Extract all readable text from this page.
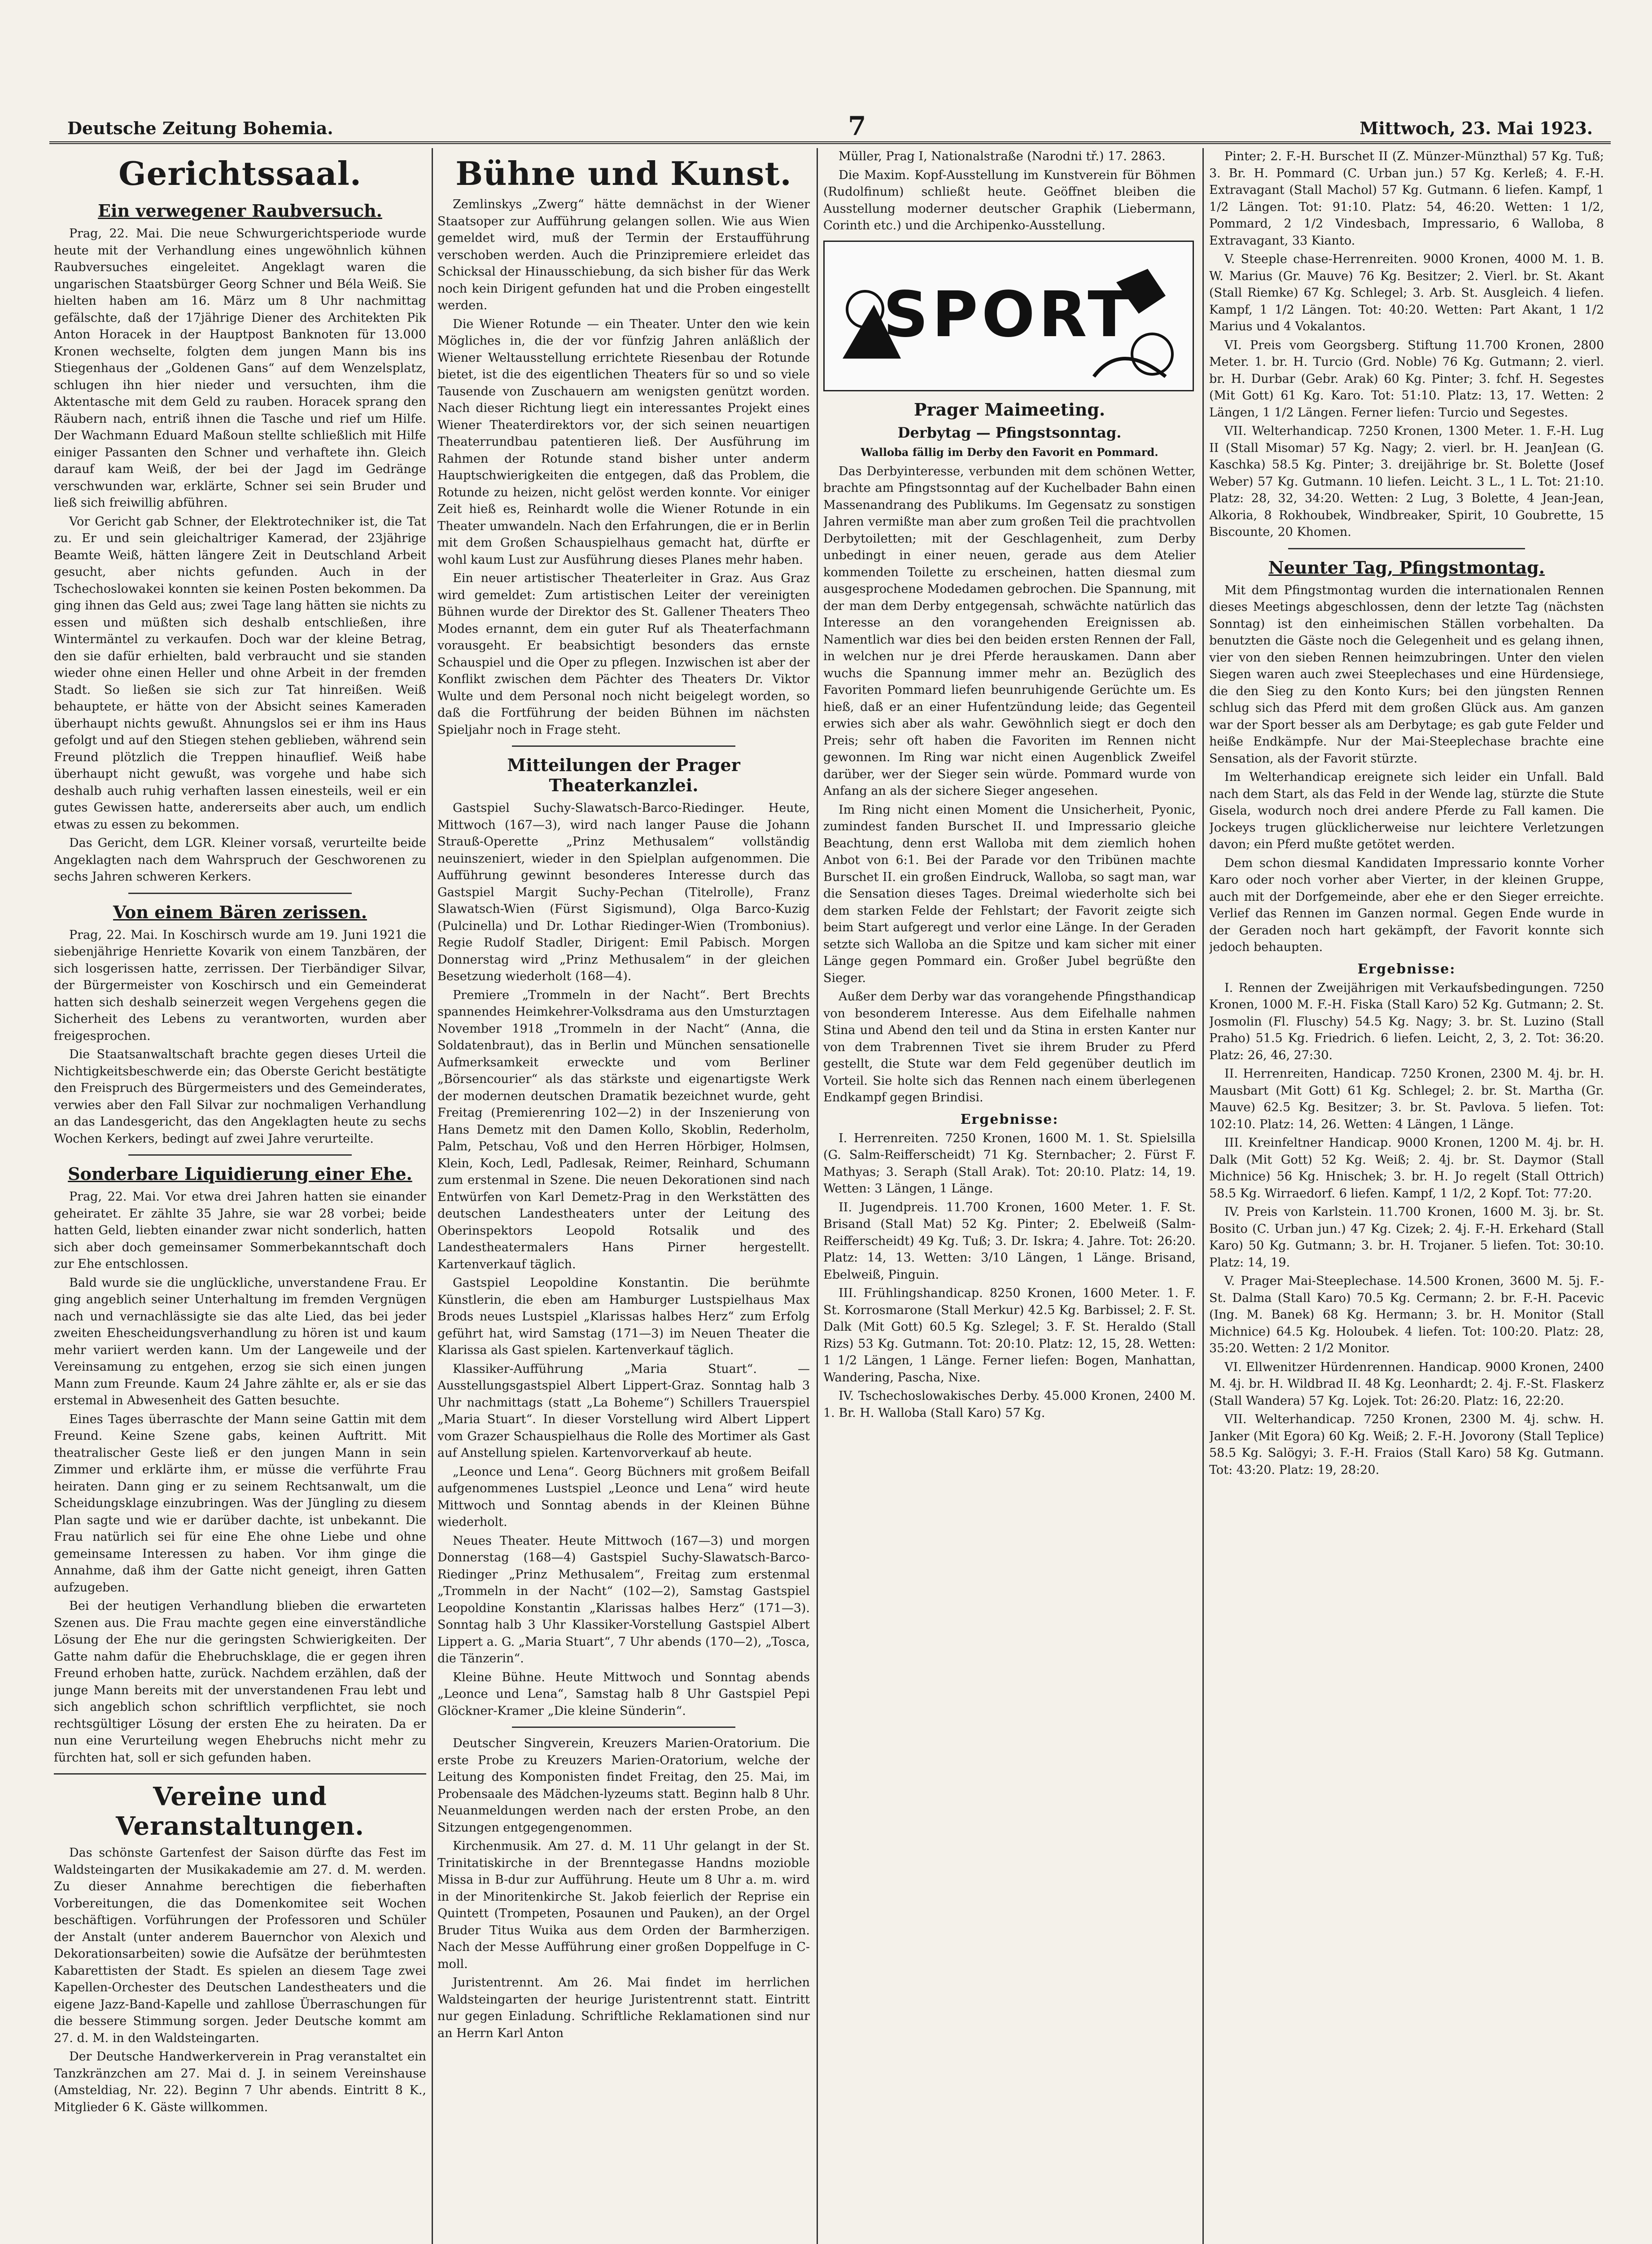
Deutsche Zeitung Bohemia.	7	Mittwoch, 23. Mai 1923.
Gerichtssaal.
Ein verwegener Raubversuch.

Prag, 22. Mai. Die neue Schwurgerichtsperiode wurde heute mit der Verhandlung eines ungewöhnlich kühnen Raubversuches eingeleitet. Angeklagt waren die ungarischen Staatsbürger Georg Schner und Béla Weiß. Sie hielten haben am 16. März um 8 Uhr nachmittag gefälschte, daß der 17jährige Diener des Architekten Pik Anton Horacek in der Hauptpost Banknoten für 13.000 Kronen wechselte, folgten dem jungen Mann bis ins Stiegenhaus der „Goldenen Gans“ auf dem Wenzelsplatz, schlugen ihn hier nieder und versuchten, ihm die Aktentasche mit dem Geld zu rauben. Horacek sprang den Räubern nach, entriß ihnen die Tasche und rief um Hilfe. Der Wachmann Eduard Maßoun stellte schließlich mit Hilfe einiger Passanten den Schner und verhaftete ihn. Gleich darauf kam Weiß, der bei der Jagd im Gedränge verschwunden war, erklärte, Schner sei sein Bruder und ließ sich freiwillig abführen.

Vor Gericht gab Schner, der Elektrotechniker ist, die Tat zu. Er und sein gleichaltriger Kamerad, der 23jährige Beamte Weiß, hätten längere Zeit in Deutschland Arbeit gesucht, aber nichts gefunden. Auch in der Tschechoslowakei konnten sie keinen Posten bekommen. Da ging ihnen das Geld aus; zwei Tage lang hätten sie nichts zu essen und müßten sich deshalb entschließen, ihre Wintermäntel zu verkaufen. Doch war der kleine Betrag, den sie dafür erhielten, bald verbraucht und sie standen wieder ohne einen Heller und ohne Arbeit in der fremden Stadt. So ließen sie sich zur Tat hinreißen. Weiß behauptete, er hätte von der Absicht seines Kameraden überhaupt nichts gewußt. Ahnungslos sei er ihm ins Haus gefolgt und auf den Stiegen stehen geblieben, während sein Freund plötzlich die Treppen hinauflief. Weiß habe überhaupt nicht gewußt, was vorgehe und habe sich deshalb auch ruhig verhaften lassen einesteils, weil er ein gutes Gewissen hatte, andererseits aber auch, um endlich etwas zu essen zu bekommen.

Das Gericht, dem LGR. Kleiner vorsaß, verurteilte beide Angeklagten nach dem Wahrspruch der Geschworenen zu sechs Jahren schweren Kerkers.

Von einem Bären zerissen.

Prag, 22. Mai. In Koschirsch wurde am 19. Juni 1921 die siebenjährige Henriette Kovarik von einem Tanzbären, der sich losgerissen hatte, zerrissen. Der Tierbändiger Silvar, der Bürgermeister von Koschirsch und ein Gemeinderat hatten sich deshalb seinerzeit wegen Vergehens gegen die Sicherheit des Lebens zu verantworten, wurden aber freigesprochen.

Die Staatsanwaltschaft brachte gegen dieses Urteil die Nichtigkeitsbeschwerde ein; das Oberste Gericht bestätigte den Freispruch des Bürgermeisters und des Gemeinderates, verwies aber den Fall Silvar zur nochmaligen Verhandlung an das Landesgericht, das den Angeklagten heute zu sechs Wochen Kerkers, bedingt auf zwei Jahre verurteilte.

Sonderbare Liquidierung einer Ehe.

Prag, 22. Mai. Vor etwa drei Jahren hatten sie einander geheiratet. Er zählte 35 Jahre, sie war 28 vorbei; beide hatten Geld, liebten einander zwar nicht sonderlich, hatten sich aber doch gemeinsamer Sommerbekanntschaft doch zur Ehe entschlossen.

Bald wurde sie die unglückliche, unverstandene Frau. Er ging angeblich seiner Unterhaltung im fremden Vergnügen nach und vernachlässigte sie das alte Lied, das bei jeder zweiten Ehescheidungsverhandlung zu hören ist und kaum mehr variiert werden kann. Um der Langeweile und der Vereinsamung zu entgehen, erzog sie sich einen jungen Mann zum Freunde. Kaum 24 Jahre zählte er, als er sie das erstemal in Abwesenheit des Gatten besuchte.

Eines Tages überraschte der Mann seine Gattin mit dem Freund. Keine Szene gabs, keinen Auftritt. Mit theatralischer Geste ließ er den jungen Mann in sein Zimmer und erklärte ihm, er müsse die verführte Frau heiraten. Dann ging er zu seinem Rechtsanwalt, um die Scheidungsklage einzubringen. Was der Jüngling zu diesem Plan sagte und wie er darüber dachte, ist unbekannt. Die Frau natürlich sei für eine Ehe ohne Liebe und ohne gemeinsame Interessen zu haben. Vor ihm ginge die Annahme, daß ihm der Gatte nicht geneigt, ihren Gatten aufzugeben.

Bei der heutigen Verhandlung blieben die erwarteten Szenen aus. Die Frau machte gegen eine einverständliche Lösung der Ehe nur die geringsten Schwierigkeiten. Der Gatte nahm dafür die Ehebruchsklage, die er gegen ihren Freund erhoben hatte, zurück. Nachdem erzählen, daß der junge Mann bereits mit der unverstandenen Frau lebt und sich angeblich schon schriftlich verpflichtet, sie noch rechtsgültiger Lösung der ersten Ehe zu heiraten. Da er nun eine Verurteilung wegen Ehebruchs nicht mehr zu fürchten hat, soll er sich gefunden haben.

Vereine und Veranstaltungen.

Das schönste Gartenfest der Saison dürfte das Fest im Waldsteingarten der Musikakademie am 27. d. M. werden. Zu dieser Annahme berechtigen die fieberhaften Vorbereitungen, die das Domenkomitee seit Wochen beschäftigen. Vorführungen der Professoren und Schüler der Anstalt (unter anderem Bauernchor von Alexich und Dekorationsarbeiten) sowie die Aufsätze der berühmtesten Kabarettisten der Stadt. Es spielen an diesem Tage zwei Kapellen-Orchester des Deutschen Landestheaters und die eigene Jazz-Band-Kapelle und zahllose Überraschungen für die bessere Stimmung sorgen. Jeder Deutsche kommt am 27. d. M. in den Waldsteingarten.

Der Deutsche Handwerkerverein in Prag veranstaltet ein Tanzkränzchen am 27. Mai d. J. in seinem Vereinshause (Amsteldiag, Nr. 22). Beginn 7 Uhr abends. Eintritt 8 K., Mitglieder 6 K. Gäste willkommen.

Bühne und Kunst.

Zemlinskys „Zwerg“ hätte demnächst in der Wiener Staatsoper zur Aufführung gelangen sollen. Wie aus Wien gemeldet wird, muß der Termin der Erstaufführung verschoben werden. Auch die Prinzipremiere erleidet das Schicksal der Hinausschiebung, da sich bisher für das Werk noch kein Dirigent gefunden hat und die Proben eingestellt werden.

Die Wiener Rotunde — ein Theater. Unter den wie kein Mögliches in, die der vor fünfzig Jahren anläßlich der Wiener Weltausstellung errichtete Riesenbau der Rotunde bietet, ist die des eigentlichen Theaters für so und so viele Tausende von Zuschauern am wenigsten genützt worden. Nach dieser Richtung liegt ein interessantes Projekt eines Wiener Theaterdirektors vor, der sich seinen neuartigen Theaterrundbau patentieren ließ. Der Ausführung im Rahmen der Rotunde stand bisher unter anderm Hauptschwierigkeiten die entgegen, daß das Problem, die Rotunde zu heizen, nicht gelöst werden konnte. Vor einiger Zeit hieß es, Reinhardt wolle die Wiener Rotunde in ein Theater umwandeln. Nach den Erfahrungen, die er in Berlin mit dem Großen Schauspielhaus gemacht hat, dürfte er wohl kaum Lust zur Ausführung dieses Planes mehr haben.

Ein neuer artistischer Theaterleiter in Graz. Aus Graz wird gemeldet: Zum artistischen Leiter der vereinigten Bühnen wurde der Direktor des St. Gallener Theaters Theo Modes ernannt, dem ein guter Ruf als Theaterfachmann vorausgeht. Er beabsichtigt besonders das ernste Schauspiel und die Oper zu pflegen. Inzwischen ist aber der Konflikt zwischen dem Pächter des Theaters Dr. Viktor Wulte und dem Personal noch nicht beigelegt worden, so daß die Fortführung der beiden Bühnen im nächsten Spieljahr noch in Frage steht.

Mitteilungen der Prager Theaterkanzlei.

Gastspiel Suchy-Slawatsch-Barco-Riedinger. Heute, Mittwoch (167—3), wird nach langer Pause die Johann Strauß-Operette „Prinz Methusalem“ vollständig neuinszeniert, wieder in den Spielplan aufgenommen. Die Aufführung gewinnt besonderes Interesse durch das Gastspiel Margit Suchy-Pechan (Titelrolle), Franz Slawatsch-Wien (Fürst Sigismund), Olga Barco-Kuzig (Pulcinella) und Dr. Lothar Riedinger-Wien (Trombonius). Regie Rudolf Stadler, Dirigent: Emil Pabisch. Morgen Donnerstag wird „Prinz Methusalem“ in der gleichen Besetzung wiederholt (168—4).

Premiere „Trommeln in der Nacht“. Bert Brechts spannendes Heimkehrer-Volksdrama aus den Umsturztagen November 1918 „Trommeln in der Nacht“ (Anna, die Soldatenbraut), das in Berlin und München sensationelle Aufmerksamkeit erweckte und vom Berliner „Börsencourier“ als das stärkste und eigenartigste Werk der modernen deutschen Dramatik bezeichnet wurde, geht Freitag (Premierenring 102—2) in der Inszenierung von Hans Demetz mit den Damen Kollo, Skoblin, Rederholm, Palm, Petschau, Voß und den Herren Hörbiger, Holmsen, Klein, Koch, Ledl, Padlesak, Reimer, Reinhard, Schumann zum erstenmal in Szene. Die neuen Dekorationen sind nach Entwürfen von Karl Demetz-Prag in den Werkstätten des deutschen Landestheaters unter der Leitung des Oberinspektors Leopold Rotsalik und des Landestheatermalers Hans Pirner hergestellt. Kartenverkauf täglich.

Gastspiel Leopoldine Konstantin. Die berühmte Künstlerin, die eben am Hamburger Lustspielhaus Max Brods neues Lustspiel „Klarissas halbes Herz“ zum Erfolg geführt hat, wird Samstag (171—3) im Neuen Theater die Klarissa als Gast spielen. Kartenverkauf täglich.

Klassiker-Aufführung „Maria Stuart“. — Ausstellungsgastspiel Albert Lippert-Graz. Sonntag halb 3 Uhr nachmittags (statt „La Boheme“) Schillers Trauerspiel „Maria Stuart“. In dieser Vorstellung wird Albert Lippert vom Grazer Schauspielhaus die Rolle des Mortimer als Gast auf Anstellung spielen. Kartenvorverkauf ab heute.

„Leonce und Lena“. Georg Büchners mit großem Beifall aufgenommenes Lustspiel „Leonce und Lena“ wird heute Mittwoch und Sonntag abends in der Kleinen Bühne wiederholt.

Neues Theater. Heute Mittwoch (167—3) und morgen Donnerstag (168—4) Gastspiel Suchy-Slawatsch-Barco-Riedinger „Prinz Methusalem“, Freitag zum erstenmal „Trommeln in der Nacht“ (102—2), Samstag Gastspiel Leopoldine Konstantin „Klarissas halbes Herz“ (171—3). Sonntag halb 3 Uhr Klassiker-Vorstellung Gastspiel Albert Lippert a. G. „Maria Stuart“, 7 Uhr abends (170—2), „Tosca, die Tänzerin“.

Kleine Bühne. Heute Mittwoch und Sonntag abends „Leonce und Lena“, Samstag halb 8 Uhr Gastspiel Pepi Glöckner-Kramer „Die kleine Sünderin“.

Deutscher Singverein, Kreuzers Marien-Oratorium. Die erste Probe zu Kreuzers Marien-Oratorium, welche der Leitung des Komponisten findet Freitag, den 25. Mai, im Probensaale des Mädchen-lyzeums statt. Beginn halb 8 Uhr. Neuanmeldungen werden nach der ersten Probe, an den Sitzungen entgegengenommen.

Kirchenmusik. Am 27. d. M. 11 Uhr gelangt in der St. Trinitatiskirche in der Brenntegasse Handns mozioble Missa in B-dur zur Aufführung. Heute um 8 Uhr a. m. wird in der Minoritenkirche St. Jakob feierlich der Reprise ein Quintett (Trompeten, Posaunen und Pauken), an der Orgel Bruder Titus Wuika aus dem Orden der Barmherzigen. Nach der Messe Aufführung einer großen Doppelfuge in C-moll.

Juristentrennt. Am 26. Mai findet im herrlichen Waldsteingarten der heurige Juristentrennt statt. Eintritt nur gegen Einladung. Schriftliche Reklamationen sind nur an Herrn Karl Anton

Müller, Prag I, Nationalstraße (Narodni tř.) 17. 2863.

Die Maxim. Kopf-Ausstellung im Kunstverein für Böhmen (Rudolfinum) schließt heute. Geöffnet bleiben die Ausstellung moderner deutscher Graphik (Liebermann, Corinth etc.) und die Archipenko-Ausstellung.

SPORT
Prager Maimeeting.
Derbytag — Pfingstsonntag.
Walloba fällig im Derby den Favorit en Pommard.

Das Derbyinteresse, verbunden mit dem schönen Wetter, brachte am Pfingstsonntag auf der Kuchelbader Bahn einen Massenandrang des Publikums. Im Gegensatz zu sonstigen Jahren vermißte man aber zum großen Teil die prachtvollen Derbytoiletten; mit der Geschlagenheit, zum Derby unbedingt in einer neuen, gerade aus dem Atelier kommenden Toilette zu erscheinen, hatten diesmal zum ausgesprochene Modedamen gebrochen. Die Spannung, mit der man dem Derby entgegensah, schwächte natürlich das Interesse an den vorangehenden Ereignissen ab. Namentlich war dies bei den beiden ersten Rennen der Fall, in welchen nur je drei Pferde herauskamen. Dann aber wuchs die Spannung immer mehr an. Bezüglich des Favoriten Pommard liefen beunruhigende Gerüchte um. Es hieß, daß er an einer Hufentzündung leide; das Gegenteil erwies sich aber als wahr. Gewöhnlich siegt er doch den Preis; sehr oft haben die Favoriten im Rennen nicht gewonnen. Im Ring war nicht einen Augenblick Zweifel darüber, wer der Sieger sein würde. Pommard wurde von Anfang an als der sichere Sieger angesehen.

Im Ring nicht einen Moment die Unsicherheit, Pyonic, zumindest fanden Burschet II. und Impressario gleiche Beachtung, denn erst Walloba mit dem ziemlich hohen Anbot von 6:1. Bei der Parade vor den Tribünen machte Burschet II. ein großen Eindruck, Walloba, so sagt man, war die Sensation dieses Tages. Dreimal wiederholte sich bei dem starken Felde der Fehlstart; der Favorit zeigte sich beim Start aufgeregt und verlor eine Länge. In der Geraden setzte sich Walloba an die Spitze und kam sicher mit einer Länge gegen Pommard ein. Großer Jubel begrüßte den Sieger.

Außer dem Derby war das vorangehende Pfingsthandicap von besonderem Interesse. Aus dem Eifelhalle nahmen Stina und Abend den teil und da Stina in ersten Kanter nur von dem Trabrennen Tivet sie ihrem Bruder zu Pferd gestellt, die Stute war dem Feld gegenüber deutlich im Vorteil. Sie holte sich das Rennen nach einem überlegenen Endkampf gegen Brindisi.

Ergebnisse:

I. Herrenreiten. 7250 Kronen, 1600 M. 1. St. Spielsilla (G. Salm-Reifferscheidt) 71 Kg. Sternbacher; 2. Fürst F. Mathyas; 3. Seraph (Stall Arak). Tot: 20:10. Platz: 14, 19. Wetten: 3 Längen, 1 Länge.

II. Jugendpreis. 11.700 Kronen, 1600 Meter. 1. F. St. Brisand (Stall Mat) 52 Kg. Pinter; 2. Ebelweiß (Salm-Reifferscheidt) 49 Kg. Tuß; 3. Dr. Iskra; 4. Jahre. Tot: 26:20. Platz: 14, 13. Wetten: 3/10 Längen, 1 Länge. Brisand, Ebelweiß, Pinguin.

III. Frühlingshandicap. 8250 Kronen, 1600 Meter. 1. F. St. Korrosmarone (Stall Merkur) 42.5 Kg. Barbissel; 2. F. St. Dalk (Mit Gott) 60.5 Kg. Szlegel; 3. F. St. Heraldo (Stall Rizs) 53 Kg. Gutmann. Tot: 20:10. Platz: 12, 15, 28. Wetten: 1 1/2 Längen, 1 Länge. Ferner liefen: Bogen, Manhattan, Wandering, Pascha, Nixe.

IV. Tschechoslowakisches Derby. 45.000 Kronen, 2400 M. 1. Br. H. Walloba (Stall Karo) 57 Kg.

Pinter; 2. F.-H. Burschet II (Z. Münzer-Münzthal) 57 Kg. Tuß; 3. Br. H. Pommard (C. Urban jun.) 57 Kg. Kerleß; 4. F.-H. Extravagant (Stall Machol) 57 Kg. Gutmann. 6 liefen. Kampf, 1 1/2 Längen. Tot: 91:10. Platz: 54, 46:20. Wetten: 1 1/2, Pommard, 2 1/2 Vindesbach, Impressario, 6 Walloba, 8 Extravagant, 33 Kianto.

V. Steeple chase-Herrenreiten. 9000 Kronen, 4000 M. 1. B. W. Marius (Gr. Mauve) 76 Kg. Besitzer; 2. Vierl. br. St. Akant (Stall Riemke) 67 Kg. Schlegel; 3. Arb. St. Ausgleich. 4 liefen. Kampf, 1 1/2 Längen. Tot: 40:20. Wetten: Part Akant, 1 1/2 Marius und 4 Vokalantos.

VI. Preis vom Georgsberg. Stiftung 11.700 Kronen, 2800 Meter. 1. br. H. Turcio (Grd. Noble) 76 Kg. Gutmann; 2. vierl. br. H. Durbar (Gebr. Arak) 60 Kg. Pinter; 3. fchf. H. Segestes (Mit Gott) 61 Kg. Karo. Tot: 51:10. Platz: 13, 17. Wetten: 2 Längen, 1 1/2 Längen. Ferner liefen: Turcio und Segestes.

VII. Welterhandicap. 7250 Kronen, 1300 Meter. 1. F.-H. Lug II (Stall Misomar) 57 Kg. Nagy; 2. vierl. br. H. JeanJean (G. Kaschka) 58.5 Kg. Pinter; 3. dreijährige br. St. Bolette (Josef Weber) 57 Kg. Gutmann. 10 liefen. Leicht. 3 L., 1 L. Tot: 21:10. Platz: 28, 32, 34:20. Wetten: 2 Lug, 3 Bolette, 4 Jean-Jean, Alkoria, 8 Rokhoubek, Windbreaker, Spirit, 10 Goubrette, 15 Biscounte, 20 Khomen.

Neunter Tag, Pfingstmontag.

Mit dem Pfingstmontag wurden die internationalen Rennen dieses Meetings abgeschlossen, denn der letzte Tag (nächsten Sonntag) ist den einheimischen Ställen vorbehalten. Da benutzten die Gäste noch die Gelegenheit und es gelang ihnen, vier von den sieben Rennen heimzubringen. Unter den vielen Siegen waren auch zwei Steeplechases und eine Hürdensiege, die den Sieg zu den Konto Kurs; bei den jüngsten Rennen schlug sich das Pferd mit dem großen Glück aus. Am ganzen war der Sport besser als am Derbytage; es gab gute Felder und heiße Endkämpfe. Nur der Mai-Steeplechase brachte eine Sensation, als der Favorit stürzte.

Im Welterhandicap ereignete sich leider ein Unfall. Bald nach dem Start, als das Feld in der Wende lag, stürzte die Stute Gisela, wodurch noch drei andere Pferde zu Fall kamen. Die Jockeys trugen glücklicherweise nur leichtere Verletzungen davon; ein Pferd mußte getötet werden.

Dem schon diesmal Kandidaten Impressario konnte Vorher Karo oder noch vorher aber Vierter, in der kleinen Gruppe, auch mit der Dorfgemeinde, aber ehe er den Sieger erreichte. Verlief das Rennen im Ganzen normal. Gegen Ende wurde in der Geraden noch hart gekämpft, der Favorit konnte sich jedoch behaupten.

Ergebnisse:

I. Rennen der Zweijährigen mit Verkaufsbedingungen. 7250 Kronen, 1000 M. F.-H. Fiska (Stall Karo) 52 Kg. Gutmann; 2. St. Josmolin (Fl. Fluschy) 54.5 Kg. Nagy; 3. br. St. Luzino (Stall Praho) 51.5 Kg. Friedrich. 6 liefen. Leicht, 2, 3, 2. Tot: 36:20. Platz: 26, 46, 27:30.

II. Herrenreiten, Handicap. 7250 Kronen, 2300 M. 4j. br. H. Mausbart (Mit Gott) 61 Kg. Schlegel; 2. br. St. Martha (Gr. Mauve) 62.5 Kg. Besitzer; 3. br. St. Pavlova. 5 liefen. Tot: 102:10. Platz: 14, 26. Wetten: 4 Längen, 1 Länge.

III. Kreinfeltner Handicap. 9000 Kronen, 1200 M. 4j. br. H. Dalk (Mit Gott) 52 Kg. Weiß; 2. 4j. br. St. Daymor (Stall Michnice) 56 Kg. Hnischek; 3. br. H. Jo regelt (Stall Ottrich) 58.5 Kg. Wirraedorf. 6 liefen. Kampf, 1 1/2, 2 Kopf. Tot: 77:20.

IV. Preis von Karlstein. 11.700 Kronen, 1600 M. 3j. br. St. Bosito (C. Urban jun.) 47 Kg. Cizek; 2. 4j. F.-H. Erkehard (Stall Karo) 50 Kg. Gutmann; 3. br. H. Trojaner. 5 liefen. Tot: 30:10. Platz: 14, 19.

V. Prager Mai-Steeplechase. 14.500 Kronen, 3600 M. 5j. F.-St. Dalma (Stall Karo) 70.5 Kg. Cermann; 2. br. F.-H. Pacevic (Ing. M. Banek) 68 Kg. Hermann; 3. br. H. Monitor (Stall Michnice) 64.5 Kg. Holoubek. 4 liefen. Tot: 100:20. Platz: 28, 35:20. Wetten: 2 1/2 Monitor.

VI. Ellwenitzer Hürdenrennen. Handicap. 9000 Kronen, 2400 M. 4j. br. H. Wildbrad II. 48 Kg. Leonhardt; 2. 4j. F.-St. Flaskerz (Stall Wandera) 57 Kg. Lojek. Tot: 26:20. Platz: 16, 22:20.

VII. Welterhandicap. 7250 Kronen, 2300 M. 4j. schw. H. Janker (Mit Egora) 60 Kg. Weiß; 2. F.-H. Jovorony (Stall Teplice) 58.5 Kg. Salögyi; 3. F.-H. Fraios (Stall Karo) 58 Kg. Gutmann. Tot: 43:20. Platz: 19, 28:20.
